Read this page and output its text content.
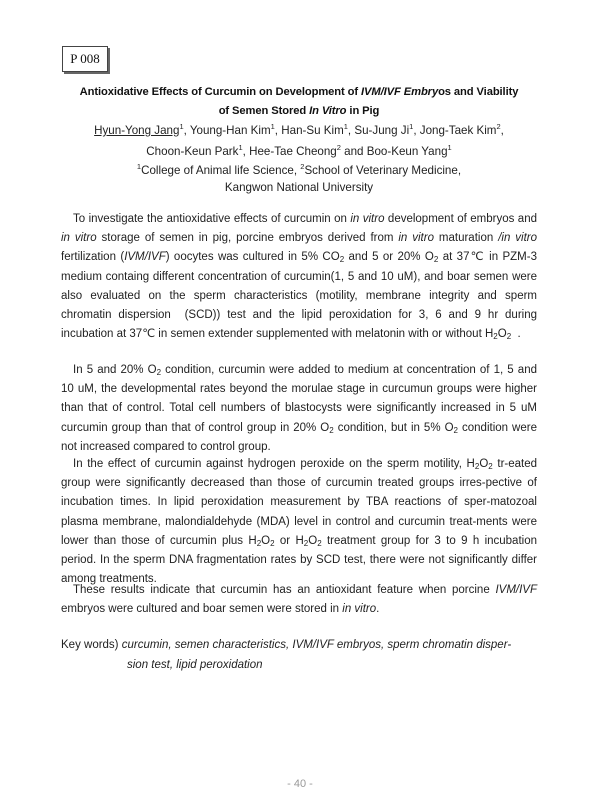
P 008
Antioxidative Effects of Curcumin on Development of IVM/IVF Embryos and Viability
of Semen Stored In Vitro in Pig
Hyun-Yong Jang$^1$, Young-Han Kim$^1$, Han-Su Kim$^1$, Su-Jung Ji$^1$, Jong-Taek Kim$^2$,
Choon-Keun Park$^1$, Hee-Tae Cheong$^2$ and Boo-Keun Yang$^1$
$^1$College of Animal life Science, $^2$School of Veterinary Medicine,
Kangwon National University

To investigate the antioxidative effects of curcumin on in vitro development of embryos and in vitro storage of semen in pig, porcine embryos derived from in vitro maturation /in vitro fertilization (IVM/IVF) oocytes was cultured in 5% $CO_2$ and 5 or 20% $O_2$ at 37℃ in PZM-3 medium containg different concentration of curcumin(1, 5 and 10 uM), and boar semen were also evaluated on the sperm characteristics (motility, membrane integrity and sperm chromatin dispersion  (SCD)) test and the lipid peroxidation for 3, 6 and 9 hr during incubation at 37℃ in semen extender supplemented with melatonin with or without $H_2O_2$  .

In 5 and 20% $O_2$ condition, curcumin were added to medium at concentration of 1, 5 and 10 uM, the developmental rates beyond the morulae stage in curcumun groups were higher than that of control. Total cell numbers of blastocysts were significantly increased in 5 uM curcumin group than that of control group in 20% $O_2$ condition, but in 5% $O_2$ condition were not increased compared to control group.

In the effect of curcumin against hydrogen peroxide on the sperm motility, $H_2O_2$ tr-eated group were significantly decreased than those of curcumin treated groups irres-pective of incubation times. In lipid peroxidation measurement by TBA reactions of sper-matozoal plasma membrane, malondialdehyde (MDA) level in control and curcumin treat-ments were lower than those of curcumin plus $H_2O_2$ or $H_2O_2$ treatment group for 3 to 9 h incubation period. In the sperm DNA fragmentation rates by SCD test, there were not significantly differ among treatments.

These results indicate that curcumin has an antioxidant feature when porcine IVM/IVF embryos were cultured and boar semen were stored in in vitro.

Key words) curcumin, semen characteristics, IVM/IVF embryos, sperm chromatin disper-
sion test, lipid peroxidation
- 40 -
